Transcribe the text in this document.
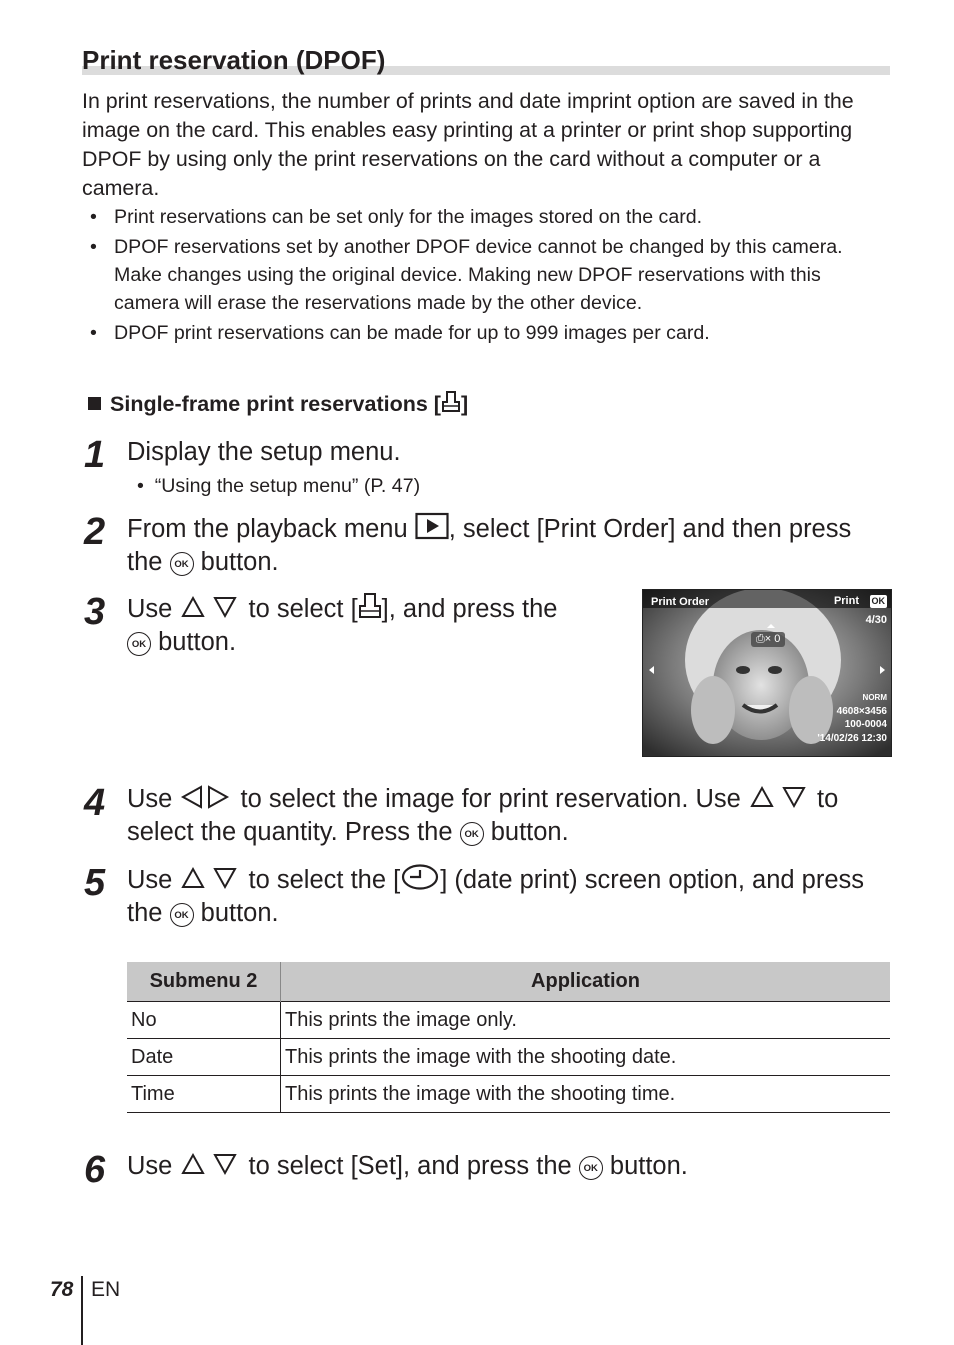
Print reservation (DPOF)

In print reservations, the number of prints and date imprint option are saved in the image on the card. This enables easy printing at a printer or print shop supporting DPOF by using only the print reservations on the card without a computer or a camera.

• Print reservations can be set only for the images stored on the card.
• DPOF reservations set by another DPOF device cannot be changed by this camera. Make changes using the original device. Making new DPOF reservations with this camera will erase the reservations made by the other device.
• DPOF print reservations can be made for up to 999 images per card.
Single-frame print reservations [ ]
1 Display the setup menu.

•  “Using the setup menu” (P. 47)
2 From the playback menu , select [Print Order] and then press the OK button.

3 Use  to select [ ], and press the
OK button.

Print Order	Print OK
4/30
⎙× 0
NORM
4608×3456
100-0004
'14/02/26 12:30
4 Use  to select the image for print reservation. Use  to select the quantity. Press the OK button.

5 Use  to select the [ ] (date print) screen option, and press the OK button.

Submenu 2	Application
No	This prints the image only.
Date	This prints the image with the shooting date.
Time	This prints the image with the shooting time.
6 Use  to select [Set], and press the OK button.

78 EN
